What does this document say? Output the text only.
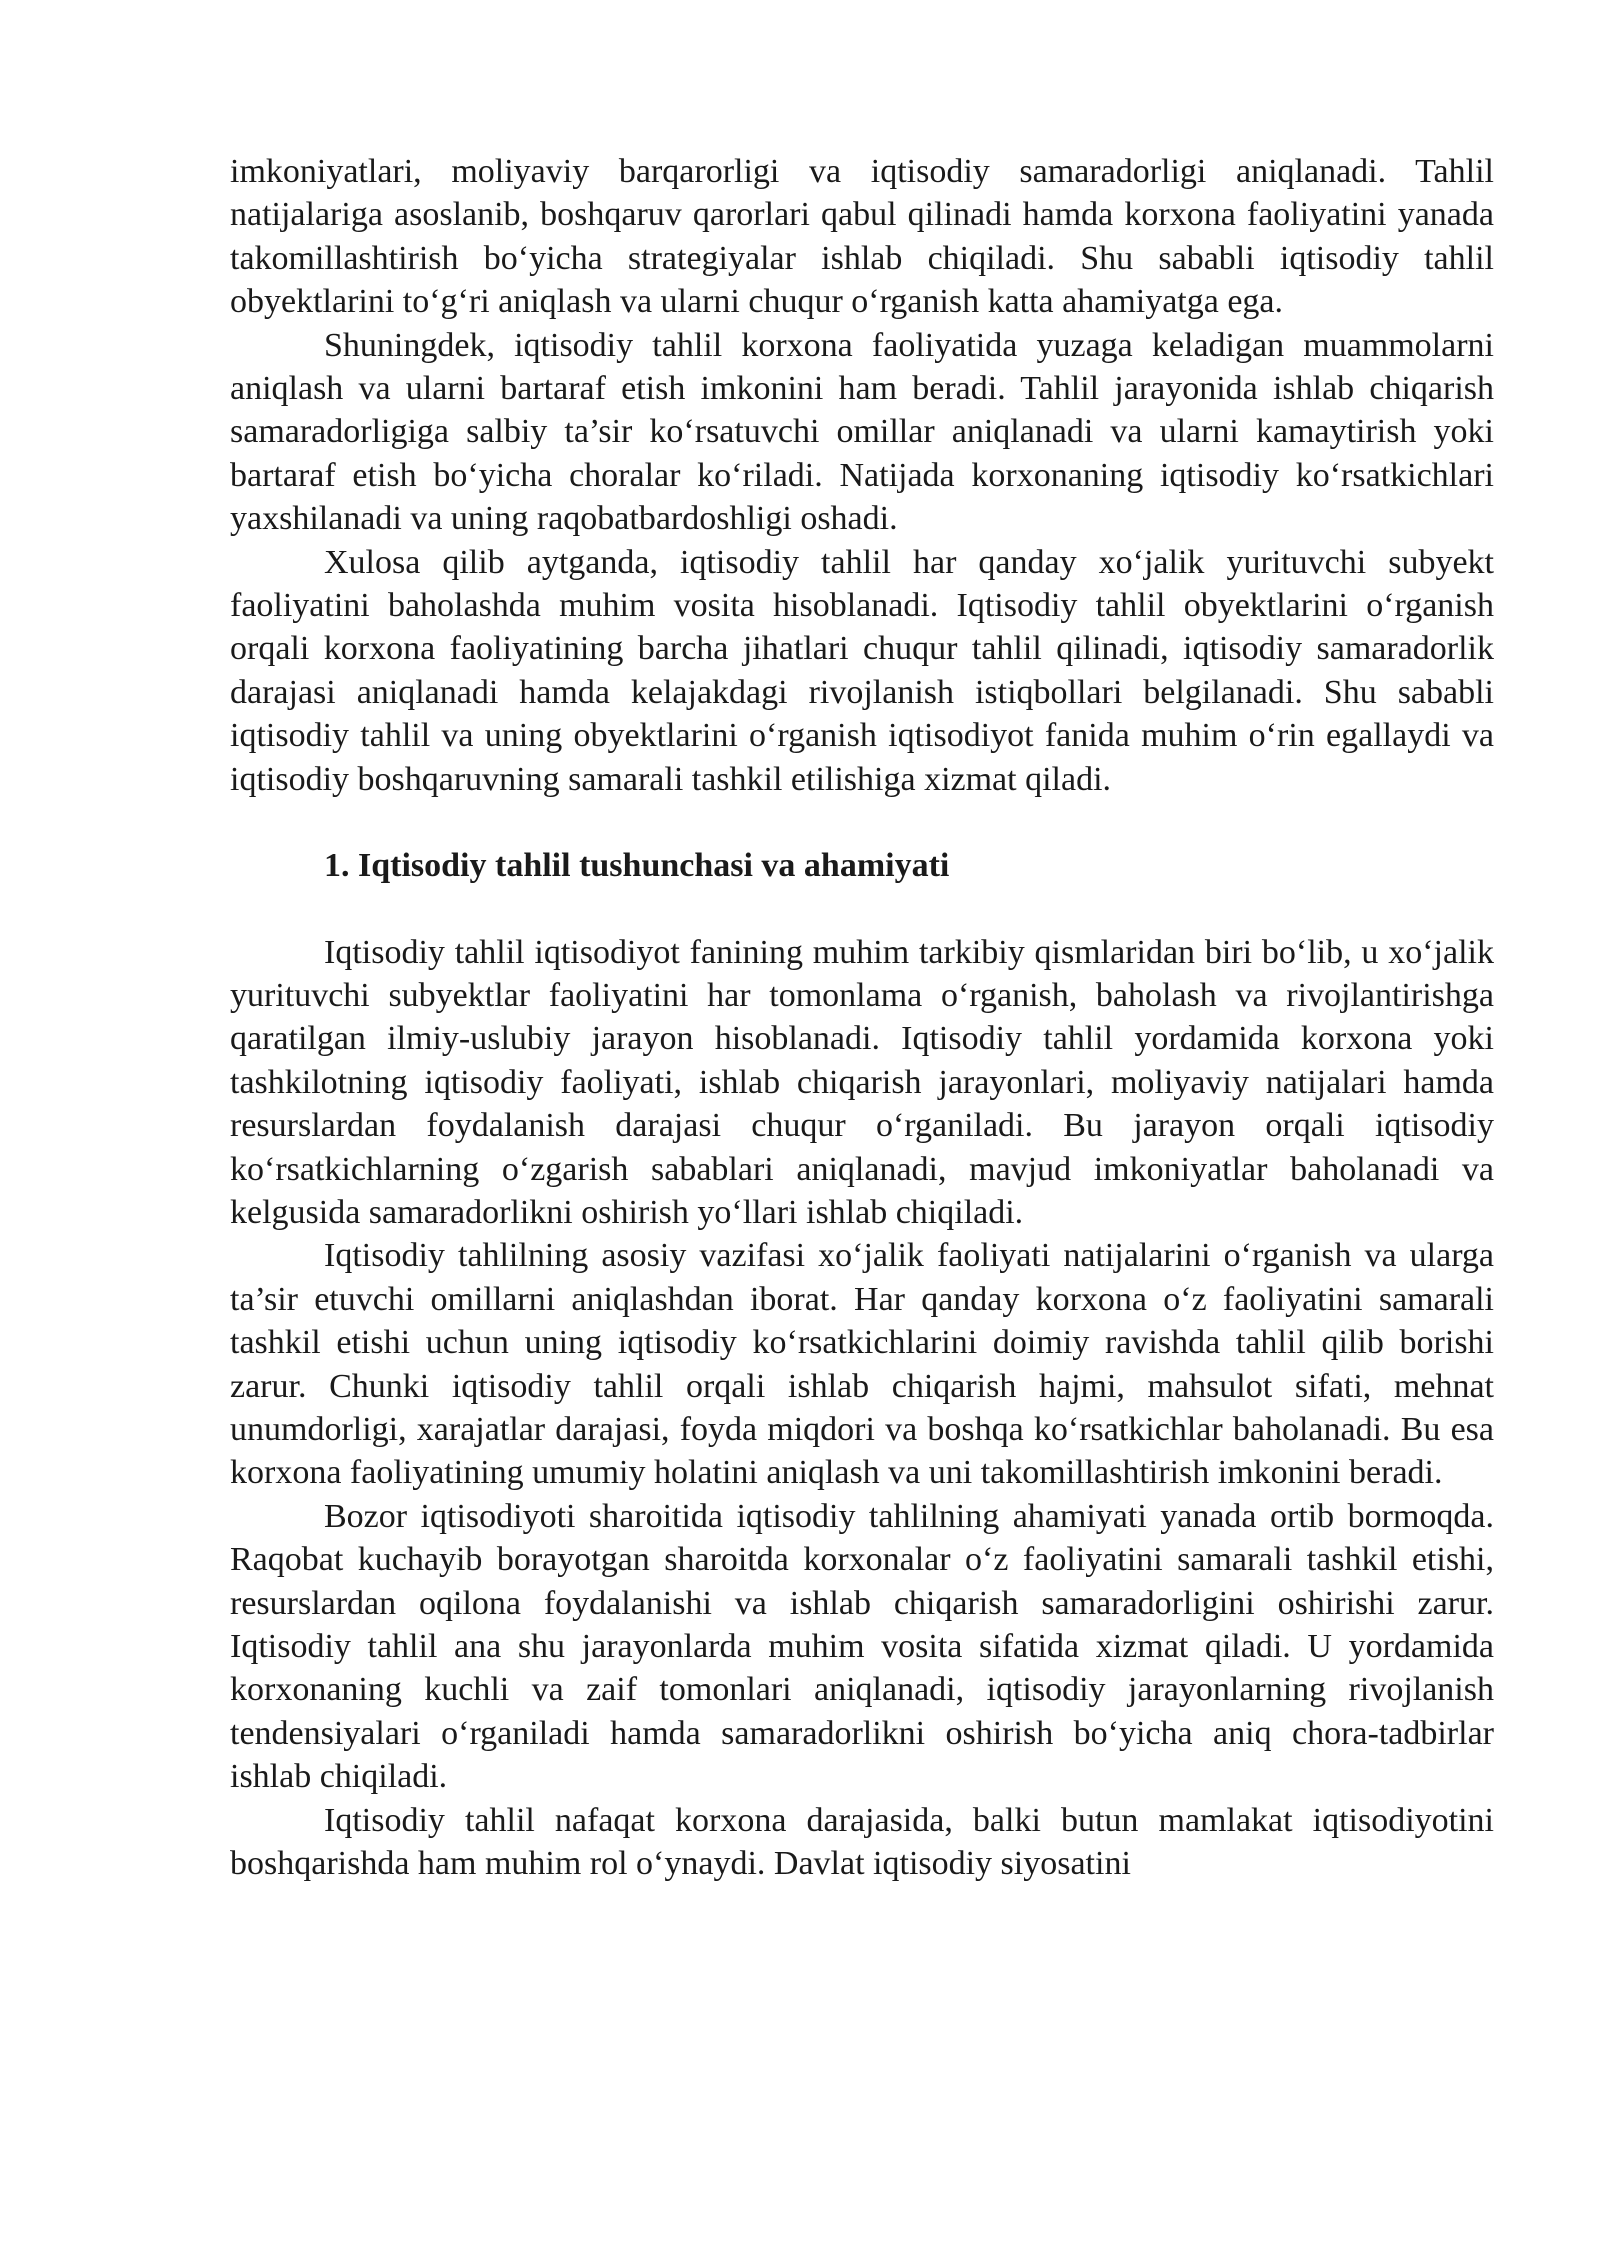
imkoniyatlari, moliyaviy barqarorligi va iqtisodiy samaradorligi aniqlanadi. Tahlil natijalariga asoslanib, boshqaruv qarorlari qabul qilinadi hamda korxona faoliyatini yanada takomillashtirish bo‘yicha strategiyalar ishlab chiqiladi. Shu sababli iqtisodiy tahlil obyektlarini to‘g‘ri aniqlash va ularni chuqur o‘rganish katta ahamiyatga ega.

Shuningdek, iqtisodiy tahlil korxona faoliyatida yuzaga keladigan muammolarni aniqlash va ularni bartaraf etish imkonini ham beradi. Tahlil jarayonida ishlab chiqarish samaradorligiga salbiy ta’sir ko‘rsatuvchi omillar aniqlanadi va ularni kamaytirish yoki bartaraf etish bo‘yicha choralar ko‘riladi. Natijada korxonaning iqtisodiy ko‘rsatkichlari yaxshilanadi va uning raqobatbardoshligi oshadi.

Xulosa qilib aytganda, iqtisodiy tahlil har qanday xo‘jalik yurituvchi subyekt faoliyatini baholashda muhim vosita hisoblanadi. Iqtisodiy tahlil obyektlarini o‘rganish orqali korxona faoliyatining barcha jihatlari chuqur tahlil qilinadi, iqtisodiy samaradorlik darajasi aniqlanadi hamda kelajakdagi rivojlanish istiqbollari belgilanadi. Shu sababli iqtisodiy tahlil va uning obyektlarini o‘rganish iqtisodiyot fanida muhim o‘rin egallaydi va iqtisodiy boshqaruvning samarali tashkil etilishiga xizmat qiladi.

1. Iqtisodiy tahlil tushunchasi va ahamiyati

Iqtisodiy tahlil iqtisodiyot fanining muhim tarkibiy qismlaridan biri bo‘lib, u xo‘jalik yurituvchi subyektlar faoliyatini har tomonlama o‘rganish, baholash va rivojlantirishga qaratilgan ilmiy-uslubiy jarayon hisoblanadi. Iqtisodiy tahlil yordamida korxona yoki tashkilotning iqtisodiy faoliyati, ishlab chiqarish jarayonlari, moliyaviy natijalari hamda resurslardan foydalanish darajasi chuqur o‘rganiladi. Bu jarayon orqali iqtisodiy ko‘rsatkichlarning o‘zgarish sabablari aniqlanadi, mavjud imkoniyatlar baholanadi va kelgusida samaradorlikni oshirish yo‘llari ishlab chiqiladi.

Iqtisodiy tahlilning asosiy vazifasi xo‘jalik faoliyati natijalarini o‘rganish va ularga ta’sir etuvchi omillarni aniqlashdan iborat. Har qanday korxona o‘z faoliyatini samarali tashkil etishi uchun uning iqtisodiy ko‘rsatkichlarini doimiy ravishda tahlil qilib borishi zarur. Chunki iqtisodiy tahlil orqali ishlab chiqarish hajmi, mahsulot sifati, mehnat unumdorligi, xarajatlar darajasi, foyda miqdori va boshqa ko‘rsatkichlar baholanadi. Bu esa korxona faoliyatining umumiy holatini aniqlash va uni takomillashtirish imkonini beradi.

Bozor iqtisodiyoti sharoitida iqtisodiy tahlilning ahamiyati yanada ortib bormoqda. Raqobat kuchayib borayotgan sharoitda korxonalar o‘z faoliyatini samarali tashkil etishi, resurslardan oqilona foydalanishi va ishlab chiqarish samaradorligini oshirishi zarur. Iqtisodiy tahlil ana shu jarayonlarda muhim vosita sifatida xizmat qiladi. U yordamida korxonaning kuchli va zaif tomonlari aniqlanadi, iqtisodiy jarayonlarning rivojlanish tendensiyalari o‘rganiladi hamda samaradorlikni oshirish bo‘yicha aniq chora-tadbirlar ishlab chiqiladi.

Iqtisodiy tahlil nafaqat korxona darajasida, balki butun mamlakat iqtisodiyotini boshqarishda ham muhim rol o‘ynaydi. Davlat iqtisodiy siyosatini
